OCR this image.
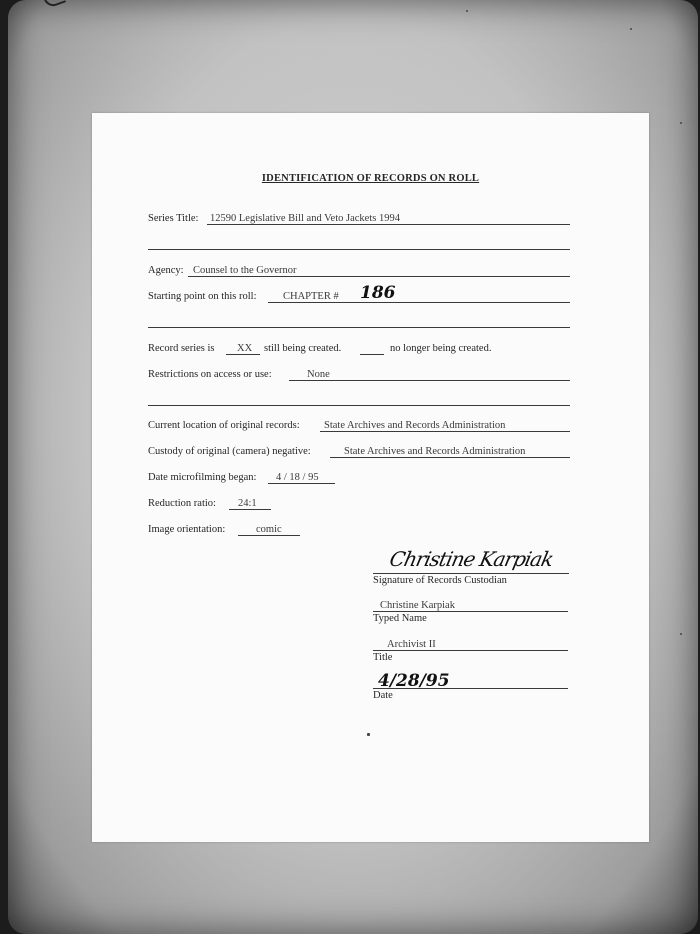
IDENTIFICATION OF RECORDS ON ROLL
Series Title: 12590 Legislative Bill and Veto Jackets 1994
Agency: Counsel to the Governor
Starting point on this roll:	CHAPTER # 186
Record series is XX still being created.	no longer being created.
Restrictions on access or use:	None
Current location of original records: State Archives and Records Administration
Custody of original (camera) negative:	State Archives and Records Administration
Date microfilming began: 4 / 18 / 95
Reduction ratio: 24:1
Image orientation:	comic
Christine Karpiak
Signature of Records Custodian
Christine Karpiak
Typed Name
Archivist II
Title
4/28/95
Date
